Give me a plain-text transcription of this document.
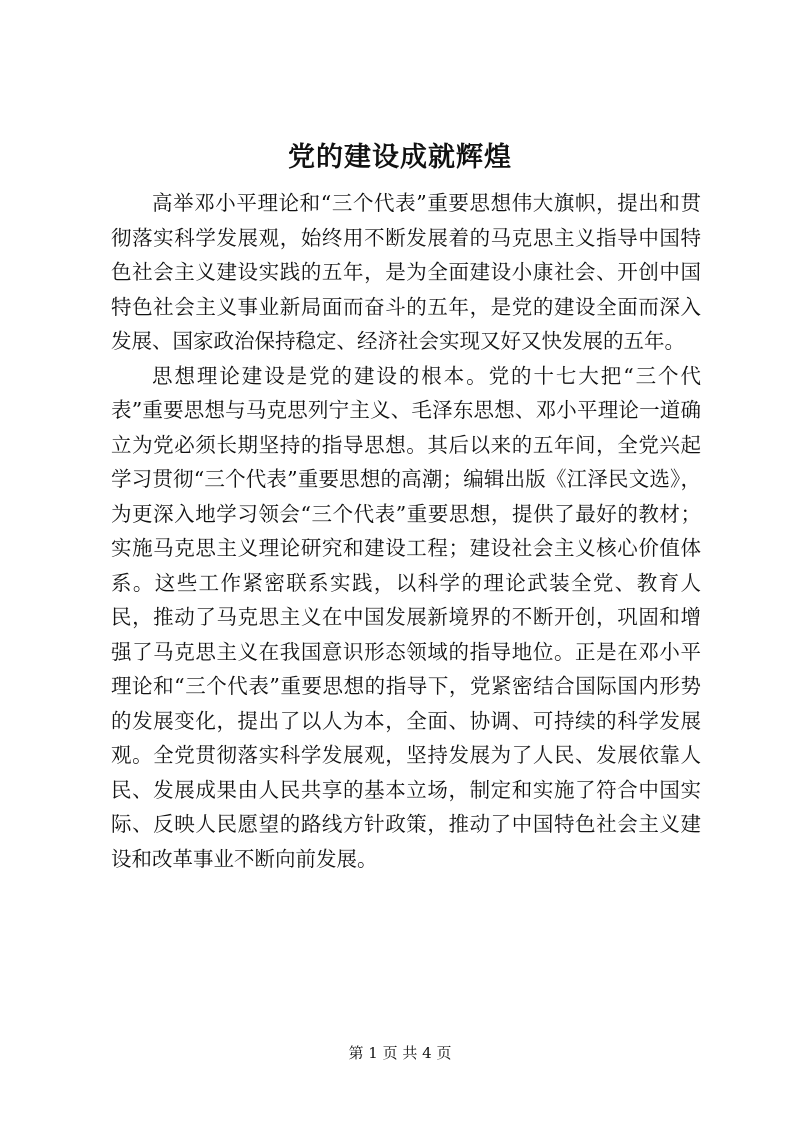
党的建设成就辉煌

高举邓小平理论和“三个代表”重要思想伟大旗帜，提出和贯彻落实科学发展观，始终用不断发展着的马克思主义指导中国特色社会主义建设实践的五年，是为全面建设小康社会、开创中国特色社会主义事业新局面而奋斗的五年，是党的建设全面而深入发展、国家政治保持稳定、经济社会实现又好又快发展的五年。

思想理论建设是党的建设的根本。党的十七大把“三个代表”重要思想与马克思列宁主义、毛泽东思想、邓小平理论一道确立为党必须长期坚持的指导思想。其后以来的五年间，全党兴起学习贯彻“三个代表”重要思想的高潮；编辑出版《江泽民文选》，为更深入地学习领会“三个代表”重要思想，提供了最好的教材；实施马克思主义理论研究和建设工程；建设社会主义核心价值体系。这些工作紧密联系实践，以科学的理论武装全党、教育人民，推动了马克思主义在中国发展新境界的不断开创，巩固和增强了马克思主义在我国意识形态领域的指导地位。正是在邓小平理论和“三个代表”重要思想的指导下，党紧密结合国际国内形势的发展变化，提出了以人为本，全面、协调、可持续的科学发展观。全党贯彻落实科学发展观，坚持发展为了人民、发展依靠人民、发展成果由人民共享的基本立场，制定和实施了符合中国实际、反映人民愿望的路线方针政策，推动了中国特色社会主义建设和改革事业不断向前发展。

第 1 页 共 4 页
